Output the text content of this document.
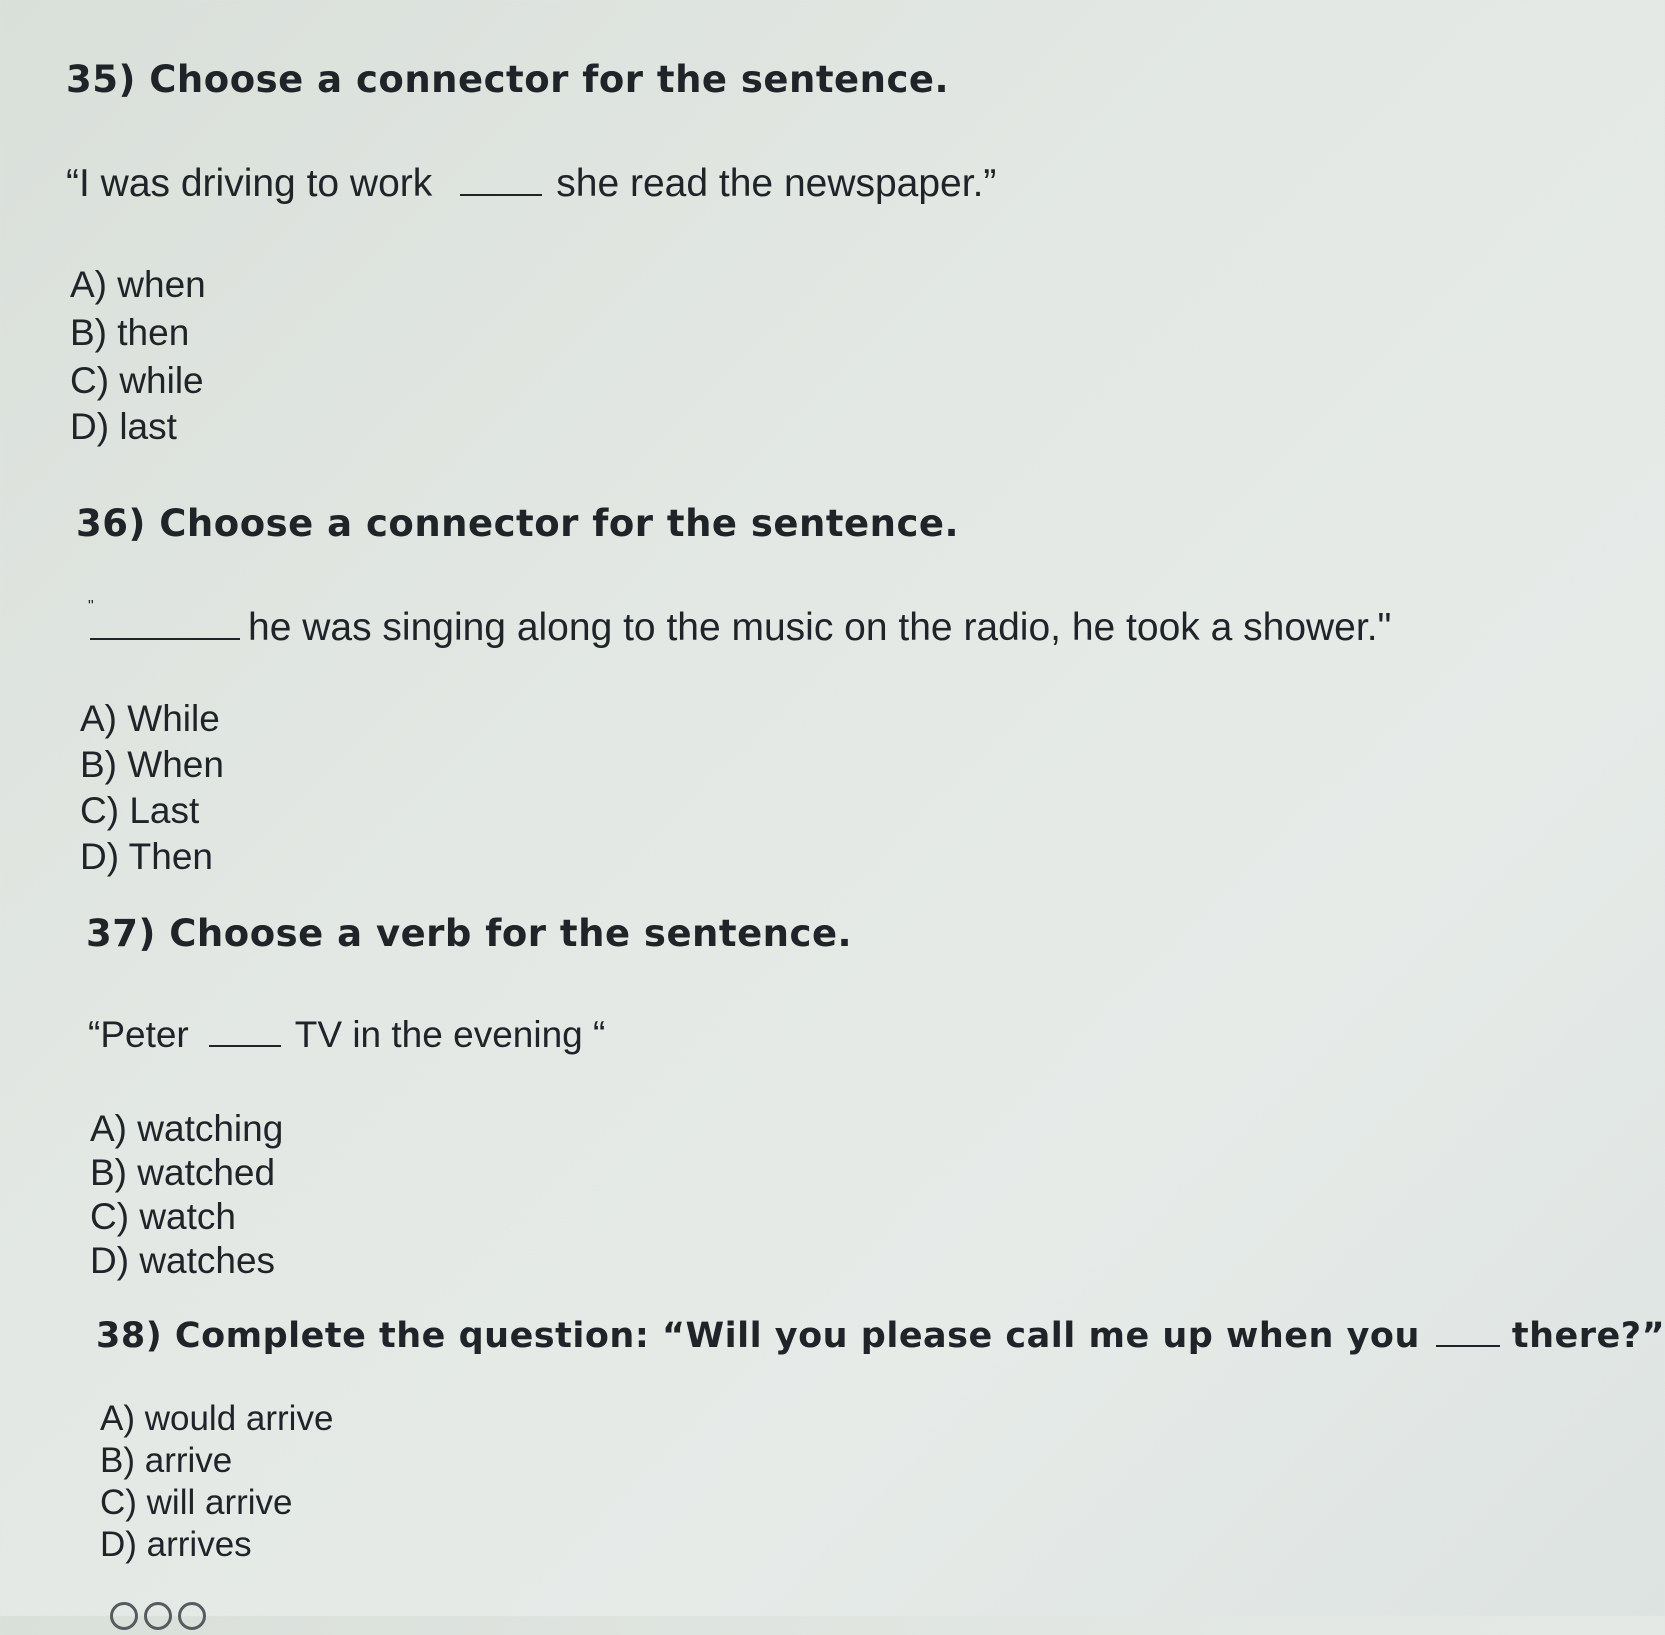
35) Choose a connector for the sentence.

“I was driving to work	she read the newspaper.”

A) when
B) then
C) while
D) last

36) Choose a connector for the sentence.

"	he was singing along to the music on the radio, he took a shower."

A) While
B) When
C) Last
D) Then

37) Choose a verb for the sentence.

“Peter	TV in the evening “

A) watching
B) watched
C) watch
D) watches

38) Complete the question: “Will you please call me up when you	there?”

A) would arrive
B) arrive
C) will arrive
D) arrives
